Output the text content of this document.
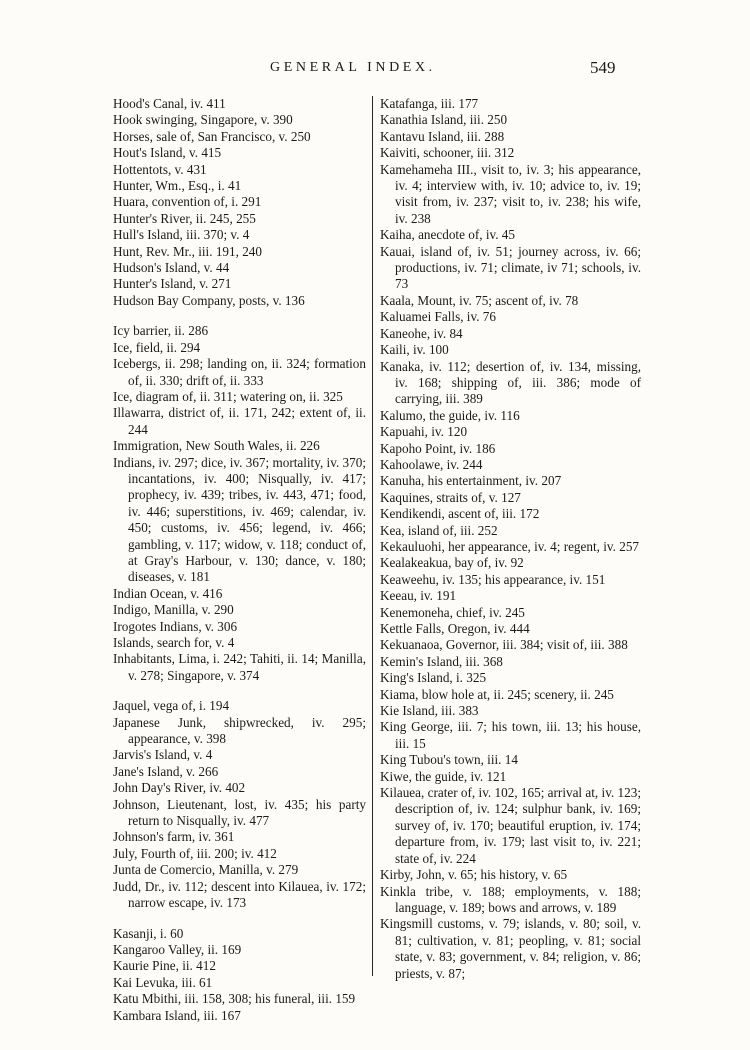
GENERAL INDEX.	549

Hood's Canal, iv. 411

Hook swinging, Singapore, v. 390

Horses, sale of, San Francisco, v. 250

Hout's Island, v. 415

Hottentots, v. 431

Hunter, Wm., Esq., i. 41

Huara, convention of, i. 291

Hunter's River, ii. 245, 255

Hull's Island, iii. 370; v. 4

Hunt, Rev. Mr., iii. 191, 240

Hudson's Island, v. 44

Hunter's Island, v. 271

Hudson Bay Company, posts, v. 136

Icy barrier, ii. 286

Ice, field, ii. 294

Icebergs, ii. 298; landing on, ii. 324; formation of, ii. 330; drift of, ii. 333

Ice, diagram of, ii. 311; watering on, ii. 325

Illawarra, district of, ii. 171, 242; extent of, ii. 244

Immigration, New South Wales, ii. 226

Indians, iv. 297; dice, iv. 367; mortality, iv. 370; incantations, iv. 400; Nisqually, iv. 417; prophecy, iv. 439; tribes, iv. 443, 471; food, iv. 446; superstitions, iv. 469; calendar, iv. 450; customs, iv. 456; legend, iv. 466; gambling, v. 117; widow, v. 118; conduct of, at Gray's Harbour, v. 130; dance, v. 180; diseases, v. 181

Indian Ocean, v. 416

Indigo, Manilla, v. 290

Irogotes Indians, v. 306

Islands, search for, v. 4

Inhabitants, Lima, i. 242; Tahiti, ii. 14; Manilla, v. 278; Singapore, v. 374

Jaquel, vega of, i. 194

Japanese Junk, shipwrecked, iv. 295; appearance, v. 398

Jarvis's Island, v. 4

Jane's Island, v. 266

John Day's River, iv. 402

Johnson, Lieutenant, lost, iv. 435; his party return to Nisqually, iv. 477

Johnson's farm, iv. 361

July, Fourth of, iii. 200; iv. 412

Junta de Comercio, Manilla, v. 279

Judd, Dr., iv. 112; descent into Kilauea, iv. 172; narrow escape, iv. 173

Kasanji, i. 60

Kangaroo Valley, ii. 169

Kaurie Pine, ii. 412

Kai Levuka, iii. 61

Katu Mbithi, iii. 158, 308; his funeral, iii. 159

Kambara Island, iii. 167

Katafanga, iii. 177

Kanathia Island, iii. 250

Kantavu Island, iii. 288

Kaiviti, schooner, iii. 312

Kamehameha III., visit to, iv. 3; his appearance, iv. 4; interview with, iv. 10; advice to, iv. 19; visit from, iv. 237; visit to, iv. 238; his wife, iv. 238

Kaiha, anecdote of, iv. 45

Kauai, island of, iv. 51; journey across, iv. 66; productions, iv. 71; climate, iv 71; schools, iv. 73

Kaala, Mount, iv. 75; ascent of, iv. 78

Kaluamei Falls, iv. 76

Kaneohe, iv. 84

Kaili, iv. 100

Kanaka, iv. 112; desertion of, iv. 134, missing, iv. 168; shipping of, iii. 386; mode of carrying, iii. 389

Kalumo, the guide, iv. 116

Kapuahi, iv. 120

Kapoho Point, iv. 186

Kahoolawe, iv. 244

Kanuha, his entertainment, iv. 207

Kaquines, straits of, v. 127

Kendikendi, ascent of, iii. 172

Kea, island of, iii. 252

Kekauluohi, her appearance, iv. 4; regent, iv. 257

Kealakeakua, bay of, iv. 92

Keaweehu, iv. 135; his appearance, iv. 151

Keeau, iv. 191

Kenemoneha, chief, iv. 245

Kettle Falls, Oregon, iv. 444

Kekuanaoa, Governor, iii. 384; visit of, iii. 388

Kemin's Island, iii. 368

King's Island, i. 325

Kiama, blow hole at, ii. 245; scenery, ii. 245

Kie Island, iii. 383

King George, iii. 7; his town, iii. 13; his house, iii. 15

King Tubou's town, iii. 14

Kiwe, the guide, iv. 121

Kilauea, crater of, iv. 102, 165; arrival at, iv. 123; description of, iv. 124; sulphur bank, iv. 169; survey of, iv. 170; beautiful eruption, iv. 174; departure from, iv. 179; last visit to, iv. 221; state of, iv. 224

Kirby, John, v. 65; his history, v. 65

Kinkla tribe, v. 188; employments, v. 188; language, v. 189; bows and arrows, v. 189

Kingsmill customs, v. 79; islands, v. 80; soil, v. 81; cultivation, v. 81; peopling, v. 81; social state, v. 83; government, v. 84; religion, v. 86; priests, v. 87;
